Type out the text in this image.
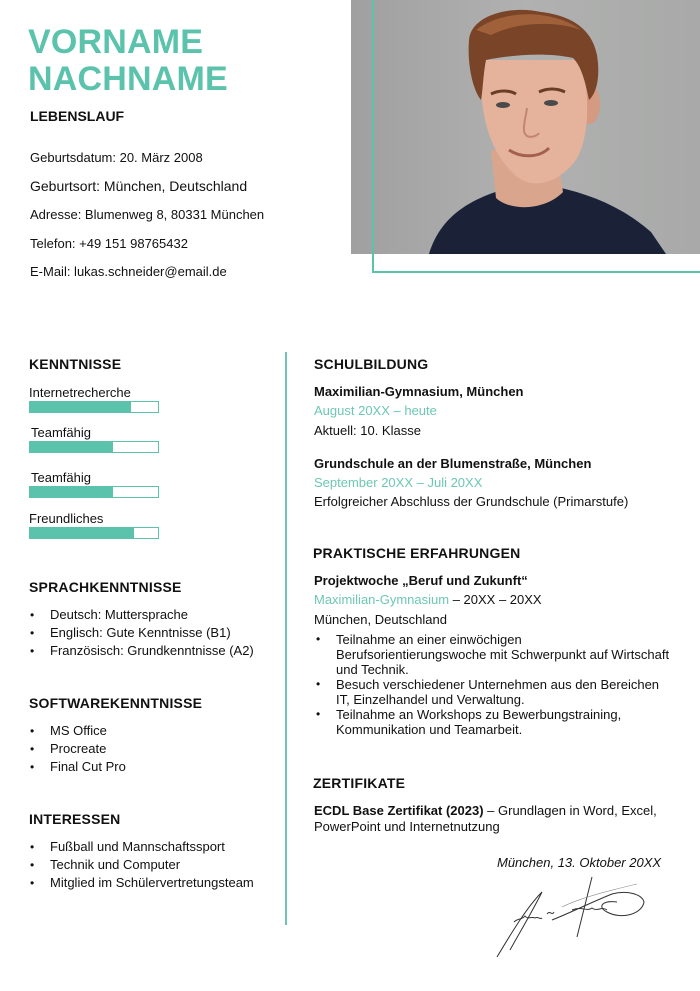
VORNAME
NACHNAME
LEBENSLAUF
Geburtsdatum: 20. März 2008
Geburtsort: München, Deutschland
Adresse: Blumenweg 8, 80331 München
Telefon: +49 151 98765432
E-Mail: lukas.schneider@email.de
KENNTNISSE
Internetrecherche
Teamfähig
Teamfähig
Freundliches
SPRACHKENNTNISSE
• Deutsch: Muttersprache
• Englisch: Gute Kenntnisse (B1)
• Französisch: Grundkenntnisse (A2)
SOFTWAREKENNTNISSE
• MS Office
• Procreate
• Final Cut Pro
INTERESSEN
• Fußball und Mannschaftssport
• Technik und Computer
• Mitglied im Schülervertretungsteam
SCHULBILDUNG
Maximilian-Gymnasium, München
August 20XX – heute
Aktuell: 10. Klasse
Grundschule an der Blumenstraße, München
September 20XX – Juli 20XX
Erfolgreicher Abschluss der Grundschule (Primarstufe)
PRAKTISCHE ERFAHRUNGEN
Projektwoche „Beruf und Zukunft“
Maximilian-Gymnasium – 20XX – 20XX
München, Deutschland
• Teilnahme an einer einwöchigen Berufsorientierungswoche mit Schwerpunkt auf Wirtschaft und Technik.
• Besuch verschiedener Unternehmen aus den Bereichen IT, Einzelhandel und Verwaltung.
• Teilnahme an Workshops zu Bewerbungstraining, Kommunikation und Teamarbeit.
ZERTIFIKATE
ECDL Base Zertifikat (2023) – Grundlagen in Word, Excel, PowerPoint und Internetnutzung
München, 13. Oktober 20XX
